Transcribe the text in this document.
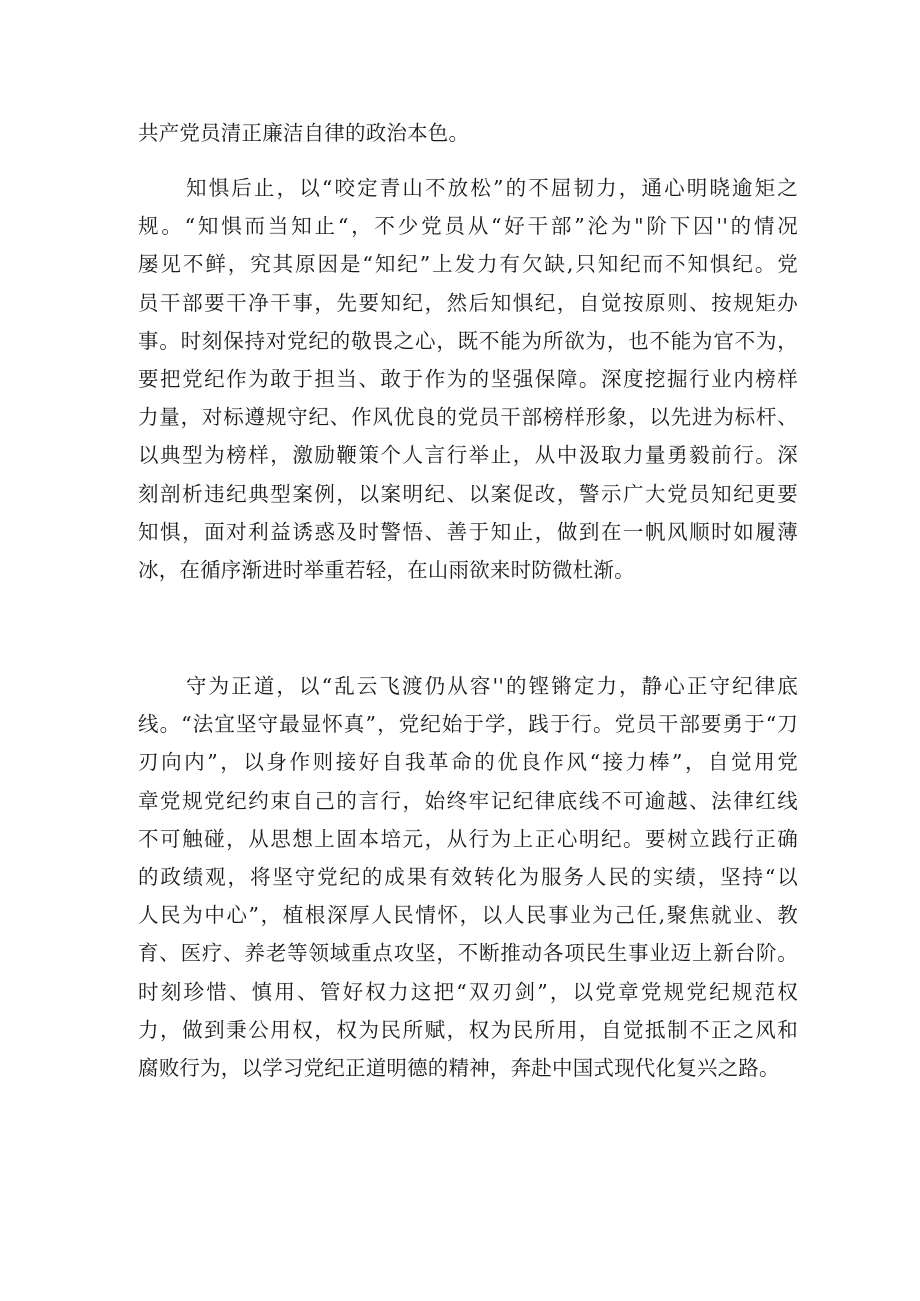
共产党员清正廉洁自律的政治本色。
知惧后止，以“咬定青山不放松”的不屈韧力，通心明晓逾矩之
规。“知惧而当知止“，不少党员从“好干部”沦为"阶下囚''的情况
屡见不鲜，究其原因是“知纪”上发力有欠缺,只知纪而不知惧纪。党
员干部要干净干事，先要知纪，然后知惧纪，自觉按原则、按规矩办
事。时刻保持对党纪的敬畏之心，既不能为所欲为，也不能为官不为，
要把党纪作为敢于担当、敢于作为的坚强保障。深度挖掘行业内榜样
力量，对标遵规守纪、作风优良的党员干部榜样形象，以先进为标杆、
以典型为榜样，激励鞭策个人言行举止，从中汲取力量勇毅前行。深
刻剖析违纪典型案例，以案明纪、以案促改，警示广大党员知纪更要
知惧，面对利益诱惑及时警悟、善于知止，做到在一帆风顺时如履薄
冰，在循序渐进时举重若轻，在山雨欲来时防微杜渐。
守为正道，以“乱云飞渡仍从容''的铿锵定力，静心正守纪律底
线。“法宜坚守最显怀真”，党纪始于学，践于行。党员干部要勇于“刀
刃向内”，以身作则接好自我革命的优良作风“接力棒”，自觉用党
章党规党纪约束自己的言行，始终牢记纪律底线不可逾越、法律红线
不可触碰，从思想上固本培元，从行为上正心明纪。要树立践行正确
的政绩观，将坚守党纪的成果有效转化为服务人民的实绩，坚持“以
人民为中心”，植根深厚人民情怀，以人民事业为己任,聚焦就业、教
育、医疗、养老等领域重点攻坚，不断推动各项民生事业迈上新台阶。
时刻珍惜、慎用、管好权力这把“双刃剑”，以党章党规党纪规范权
力，做到秉公用权，权为民所赋，权为民所用，自觉抵制不正之风和
腐败行为，以学习党纪正道明德的精神，奔赴中国式现代化复兴之路。
